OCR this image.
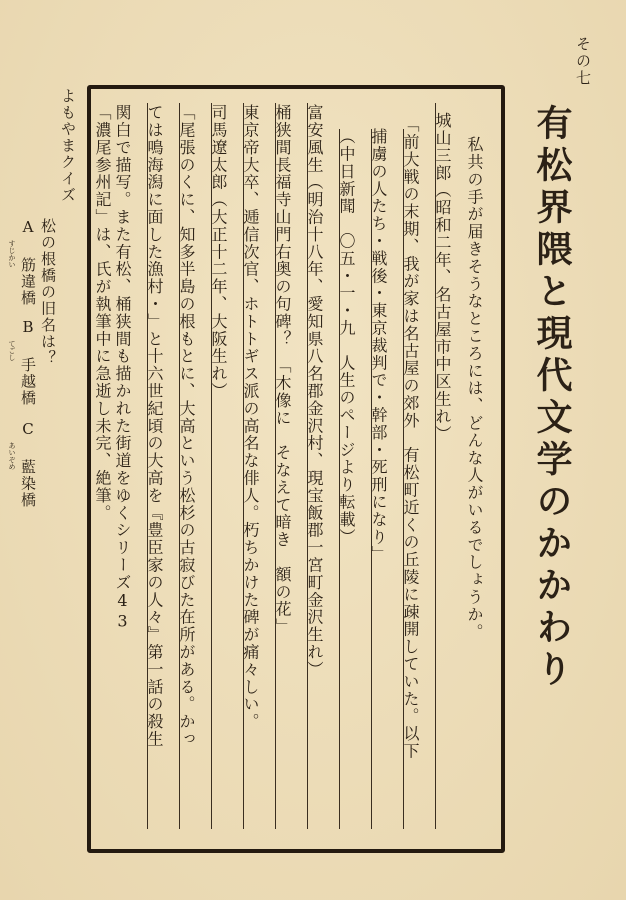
その七
有松界隈と現代文学のかかわり
私共の手が届きそうなところには、どんな人がいるでしょうか。
城山三郎（昭和二年、名古屋市中区生れ）
「前大戦の末期、我が家は名古屋の郊外　有松町近くの丘陵に疎開していた。以下
捕虜の人たち・戦後・東京裁判で・幹部・死刑になり」
（中日新聞　〇五・一・九　人生のページより転載）
富安風生（明治十八年、愛知県八名郡金沢村、現宝飯郡一宮町金沢生れ）
桶狭間長福寺山門右奥の句碑？　「木像に　そなえて暗き　額の花」
東京帝大卒、逓信次官、ホトトギス派の高名な俳人。朽ちかけた碑が痛々しい。
司馬遼太郎（大正十二年、大阪生れ）
「尾張のくに、知多半島の根もとに、大高という松杉の古寂びた在所がある。かっ
ては鳴海潟に面した漁村・」と十六世紀頃の大高を『豊臣家の人々』第一話の殺生
関白で描写。また有松、桶狭間も描かれた街道をゆくシリーズ43
「濃尾参州記」は、氏が執筆中に急逝し未完、絶筆。
よもやまクイズ
松の根橋の旧名は？
A 筋違橋
B 手越橋
C 藍染橋
すじかい
てごし
あいぞめ
